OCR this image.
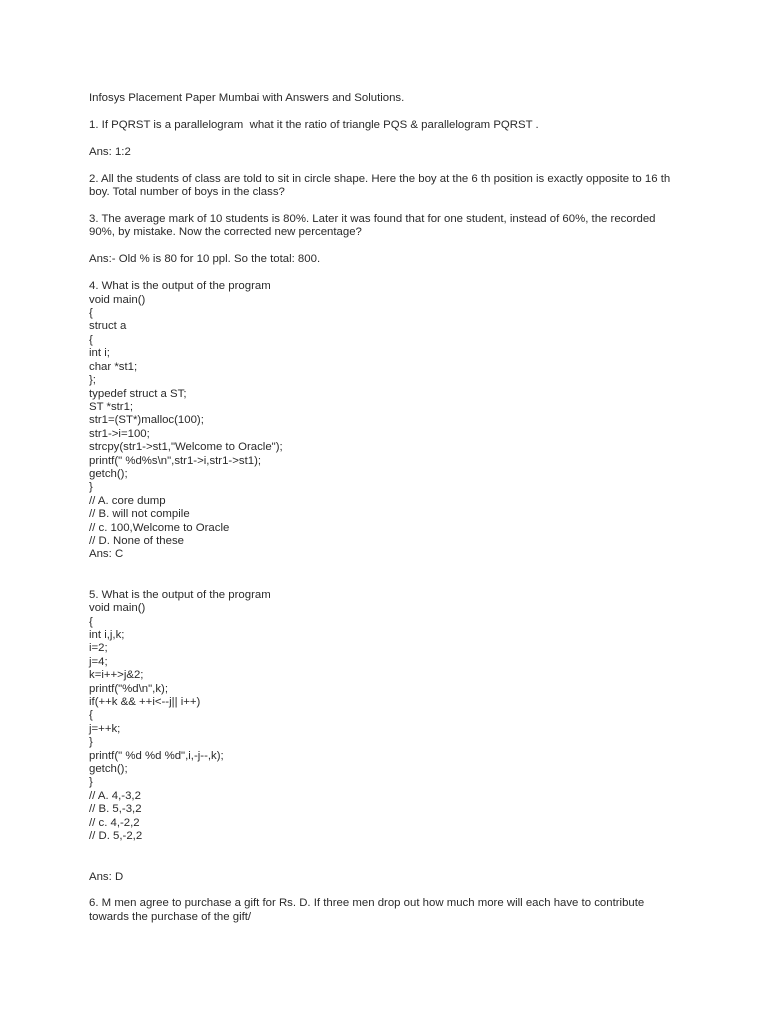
Infosys Placement Paper Mumbai with Answers and Solutions.
1. If PQRST is a parallelogram  what it the ratio of triangle PQS & parallelogram PQRST .
Ans: 1:2
2. All the students of class are told to sit in circle shape. Here the boy at the 6 th position is exactly opposite to 16 th
boy. Total number of boys in the class?
3. The average mark of 10 students is 80%. Later it was found that for one student, instead of 60%, the recorded
90%, by mistake. Now the corrected new percentage?
Ans:- Old % is 80 for 10 ppl. So the total: 800.
4. What is the output of the program
void main()
{
struct a
{
int i;
char *st1;
};
typedef struct a ST;
ST *str1;
str1=(ST*)malloc(100);
str1->i=100;
strcpy(str1->st1,"Welcome to Oracle");
printf(" %d%s\n",str1->i,str1->st1);
getch();
}
// A. core dump
// B. will not compile
// c. 100,Welcome to Oracle
// D. None of these
Ans: C
5. What is the output of the program
void main()
{
int i,j,k;
i=2;
j=4;
k=i++>j&2;
printf("%d\n",k);
if(++k && ++i<--j|| i++)
{
j=++k;
}
printf(" %d %d %d",i,-j--,k);
getch();
}
// A. 4,-3,2
// B. 5,-3,2
// c. 4,-2,2
// D. 5,-2,2
Ans: D
6. M men agree to purchase a gift for Rs. D. If three men drop out how much more will each have to contribute
towards the purchase of the gift/
